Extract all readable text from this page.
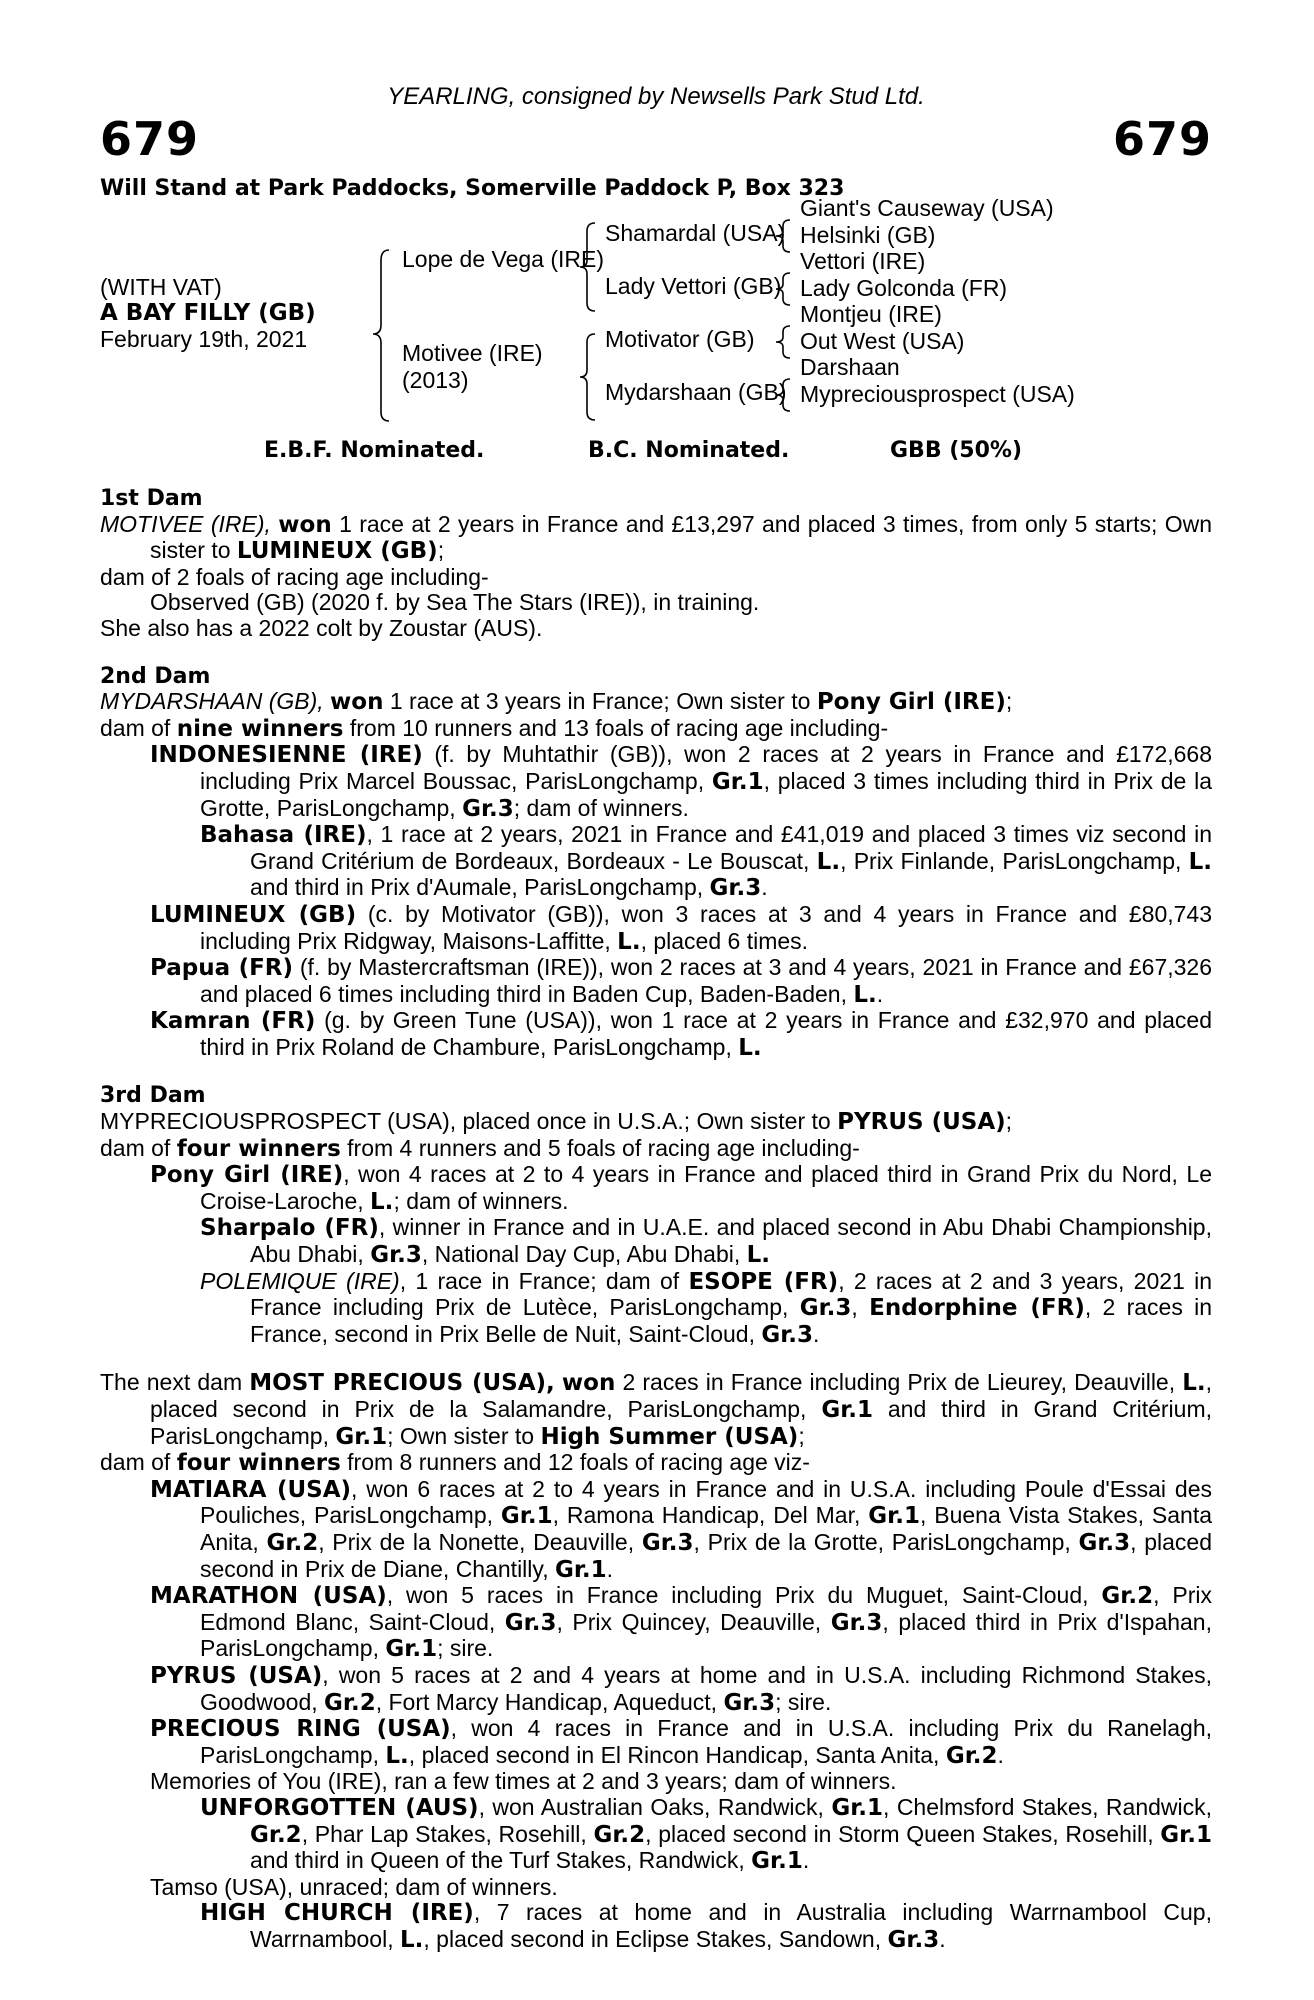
YEARLING, consigned by Newsells Park Stud Ltd.
679	679
Will Stand at Park Paddocks, Somerville Paddock P, Box 323
(WITH VAT)
A BAY FILLY (GB)
February 19th, 2021
Lope de Vega (IRE)
Motivee (IRE)
(2013)
Shamardal (USA)
Lady Vettori (GB)
Motivator (GB)
Mydarshaan (GB)
Giant's Causeway (USA)
Helsinki (GB)
Vettori (IRE)
Lady Golconda (FR)
Montjeu (IRE)
Out West (USA)
Darshaan
Mypreciousprospect (USA)
E.B.F. Nominated.	B.C. Nominated.	GBB (50%)

1st Dam

MOTIVEE (IRE), won 1 race at 2 years in France and £13,297 and placed 3 times, from only 5 starts; Own sister to LUMINEUX (GB);

dam of 2 foals of racing age including-

Observed (GB) (2020 f. by Sea The Stars (IRE)), in training.

She also has a 2022 colt by Zoustar (AUS).

2nd Dam

MYDARSHAAN (GB), won 1 race at 3 years in France; Own sister to Pony Girl (IRE);

dam of nine winners from 10 runners and 13 foals of racing age including-

INDONESIENNE (IRE) (f. by Muhtathir (GB)), won 2 races at 2 years in France and £172,668 including Prix Marcel Boussac, ParisLongchamp, Gr.1, placed 3 times including third in Prix de la Grotte, ParisLongchamp, Gr.3; dam of winners.

Bahasa (IRE), 1 race at 2 years, 2021 in France and £41,019 and placed 3 times viz second in Grand Critérium de Bordeaux, Bordeaux - Le Bouscat, L., Prix Finlande, ParisLongchamp, L. and third in Prix d'Aumale, ParisLongchamp, Gr.3.

LUMINEUX (GB) (c. by Motivator (GB)), won 3 races at 3 and 4 years in France and £80,743 including Prix Ridgway, Maisons-Laffitte, L., placed 6 times.

Papua (FR) (f. by Mastercraftsman (IRE)), won 2 races at 3 and 4 years, 2021 in France and £67,326 and placed 6 times including third in Baden Cup, Baden-Baden, L..

Kamran (FR) (g. by Green Tune (USA)), won 1 race at 2 years in France and £32,970 and placed third in Prix Roland de Chambure, ParisLongchamp, L.

3rd Dam

MYPRECIOUSPROSPECT (USA), placed once in U.S.A.; Own sister to PYRUS (USA);

dam of four winners from 4 runners and 5 foals of racing age including-

Pony Girl (IRE), won 4 races at 2 to 4 years in France and placed third in Grand Prix du Nord, Le Croise-Laroche, L.; dam of winners.

Sharpalo (FR), winner in France and in U.A.E. and placed second in Abu Dhabi Championship, Abu Dhabi, Gr.3, National Day Cup, Abu Dhabi, L.

POLEMIQUE (IRE), 1 race in France; dam of ESOPE (FR), 2 races at 2 and 3 years, 2021 in France including Prix de Lutèce, ParisLongchamp, Gr.3, Endorphine (FR), 2 races in France, second in Prix Belle de Nuit, Saint-Cloud, Gr.3.

The next dam MOST PRECIOUS (USA), won 2 races in France including Prix de Lieurey, Deauville, L., placed second in Prix de la Salamandre, ParisLongchamp, Gr.1 and third in Grand Critérium, ParisLongchamp, Gr.1; Own sister to High Summer (USA);

dam of four winners from 8 runners and 12 foals of racing age viz-

MATIARA (USA), won 6 races at 2 to 4 years in France and in U.S.A. including Poule d'Essai des Pouliches, ParisLongchamp, Gr.1, Ramona Handicap, Del Mar, Gr.1, Buena Vista Stakes, Santa Anita, Gr.2, Prix de la Nonette, Deauville, Gr.3, Prix de la Grotte, ParisLongchamp, Gr.3, placed second in Prix de Diane, Chantilly, Gr.1.

MARATHON (USA), won 5 races in France including Prix du Muguet, Saint-Cloud, Gr.2, Prix Edmond Blanc, Saint-Cloud, Gr.3, Prix Quincey, Deauville, Gr.3, placed third in Prix d'Ispahan, ParisLongchamp, Gr.1; sire.

PYRUS (USA), won 5 races at 2 and 4 years at home and in U.S.A. including Richmond Stakes, Goodwood, Gr.2, Fort Marcy Handicap, Aqueduct, Gr.3; sire.

PRECIOUS RING (USA), won 4 races in France and in U.S.A. including Prix du Ranelagh, ParisLongchamp, L., placed second in El Rincon Handicap, Santa Anita, Gr.2.

Memories of You (IRE), ran a few times at 2 and 3 years; dam of winners.

UNFORGOTTEN (AUS), won Australian Oaks, Randwick, Gr.1, Chelmsford Stakes, Randwick, Gr.2, Phar Lap Stakes, Rosehill, Gr.2, placed second in Storm Queen Stakes, Rosehill, Gr.1 and third in Queen of the Turf Stakes, Randwick, Gr.1.

Tamso (USA), unraced; dam of winners.

HIGH CHURCH (IRE), 7 races at home and in Australia including Warrnambool Cup, Warrnambool, L., placed second in Eclipse Stakes, Sandown, Gr.3.
